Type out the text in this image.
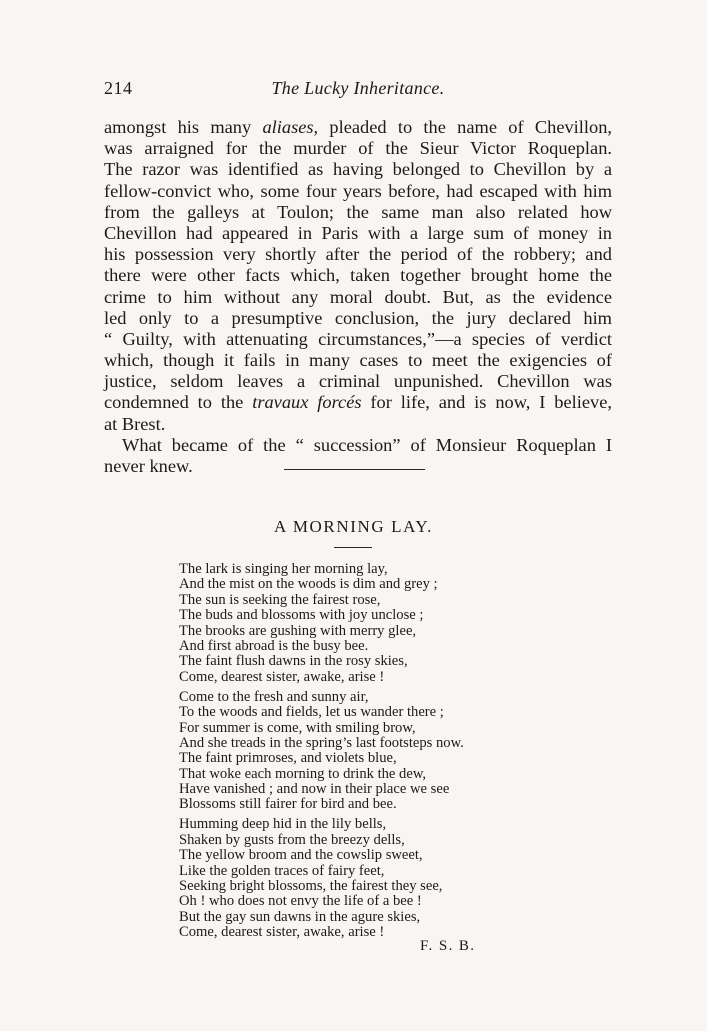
214	The Lucky Inheritance.
amongst his many aliases, pleaded to the name of Chevillon,
was arraigned for the murder of the Sieur Victor Roqueplan.
The razor was identified as having belonged to Chevillon by a
fellow-convict who, some four years before, had escaped with him
from the galleys at Toulon; the same man also related how
Chevillon had appeared in Paris with a large sum of money in
his possession very shortly after the period of the robbery; and
there were other facts which, taken together brought home the
crime to him without any moral doubt. But, as the evidence
led only to a presumptive conclusion, the jury declared him
“ Guilty, with attenuating circumstances,”—a species of verdict
which, though it fails in many cases to meet the exigencies of
justice, seldom leaves a criminal unpunished. Chevillon was
condemned to the travaux forcés for life, and is now, I believe,
at Brest.
What became of the “ succession” of Monsieur Roqueplan I
never knew.
A MORNING LAY.
The lark is singing her morning lay,
And the mist on the woods is dim and grey ;
The sun is seeking the fairest rose,
The buds and blossoms with joy unclose ;
The brooks are gushing with merry glee,
And first abroad is the busy bee.
The faint flush dawns in the rosy skies,
Come, dearest sister, awake, arise !
Come to the fresh and sunny air,
To the woods and fields, let us wander there ;
For summer is come, with smiling brow,
And she treads in the spring’s last footsteps now.
The faint primroses, and violets blue,
That woke each morning to drink the dew,
Have vanished ; and now in their place we see
Blossoms still fairer for bird and bee.
Humming deep hid in the lily bells,
Shaken by gusts from the breezy dells,
The yellow broom and the cowslip sweet,
Like the golden traces of fairy feet,
Seeking bright blossoms, the fairest they see,
Oh ! who does not envy the life of a bee !
But the gay sun dawns in the agure skies,
Come, dearest sister, awake, arise !
F. S. B.
